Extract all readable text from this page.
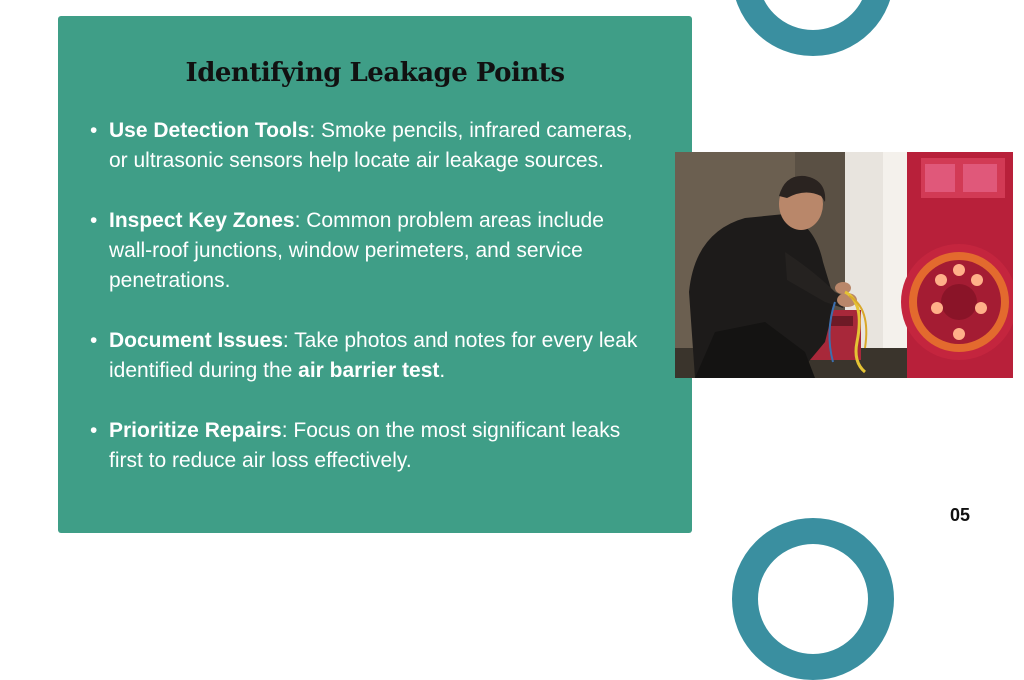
Identifying Leakage Points
• Use Detection Tools: Smoke pencils, infrared cameras, or ultrasonic sensors help locate air leakage sources.
• Inspect Key Zones: Common problem areas include wall-roof junctions, window perimeters, and service penetrations.
• Document Issues: Take photos and notes for every leak identified during the air barrier test.
• Prioritize Repairs: Focus on the most significant leaks first to reduce air loss effectively.
05
